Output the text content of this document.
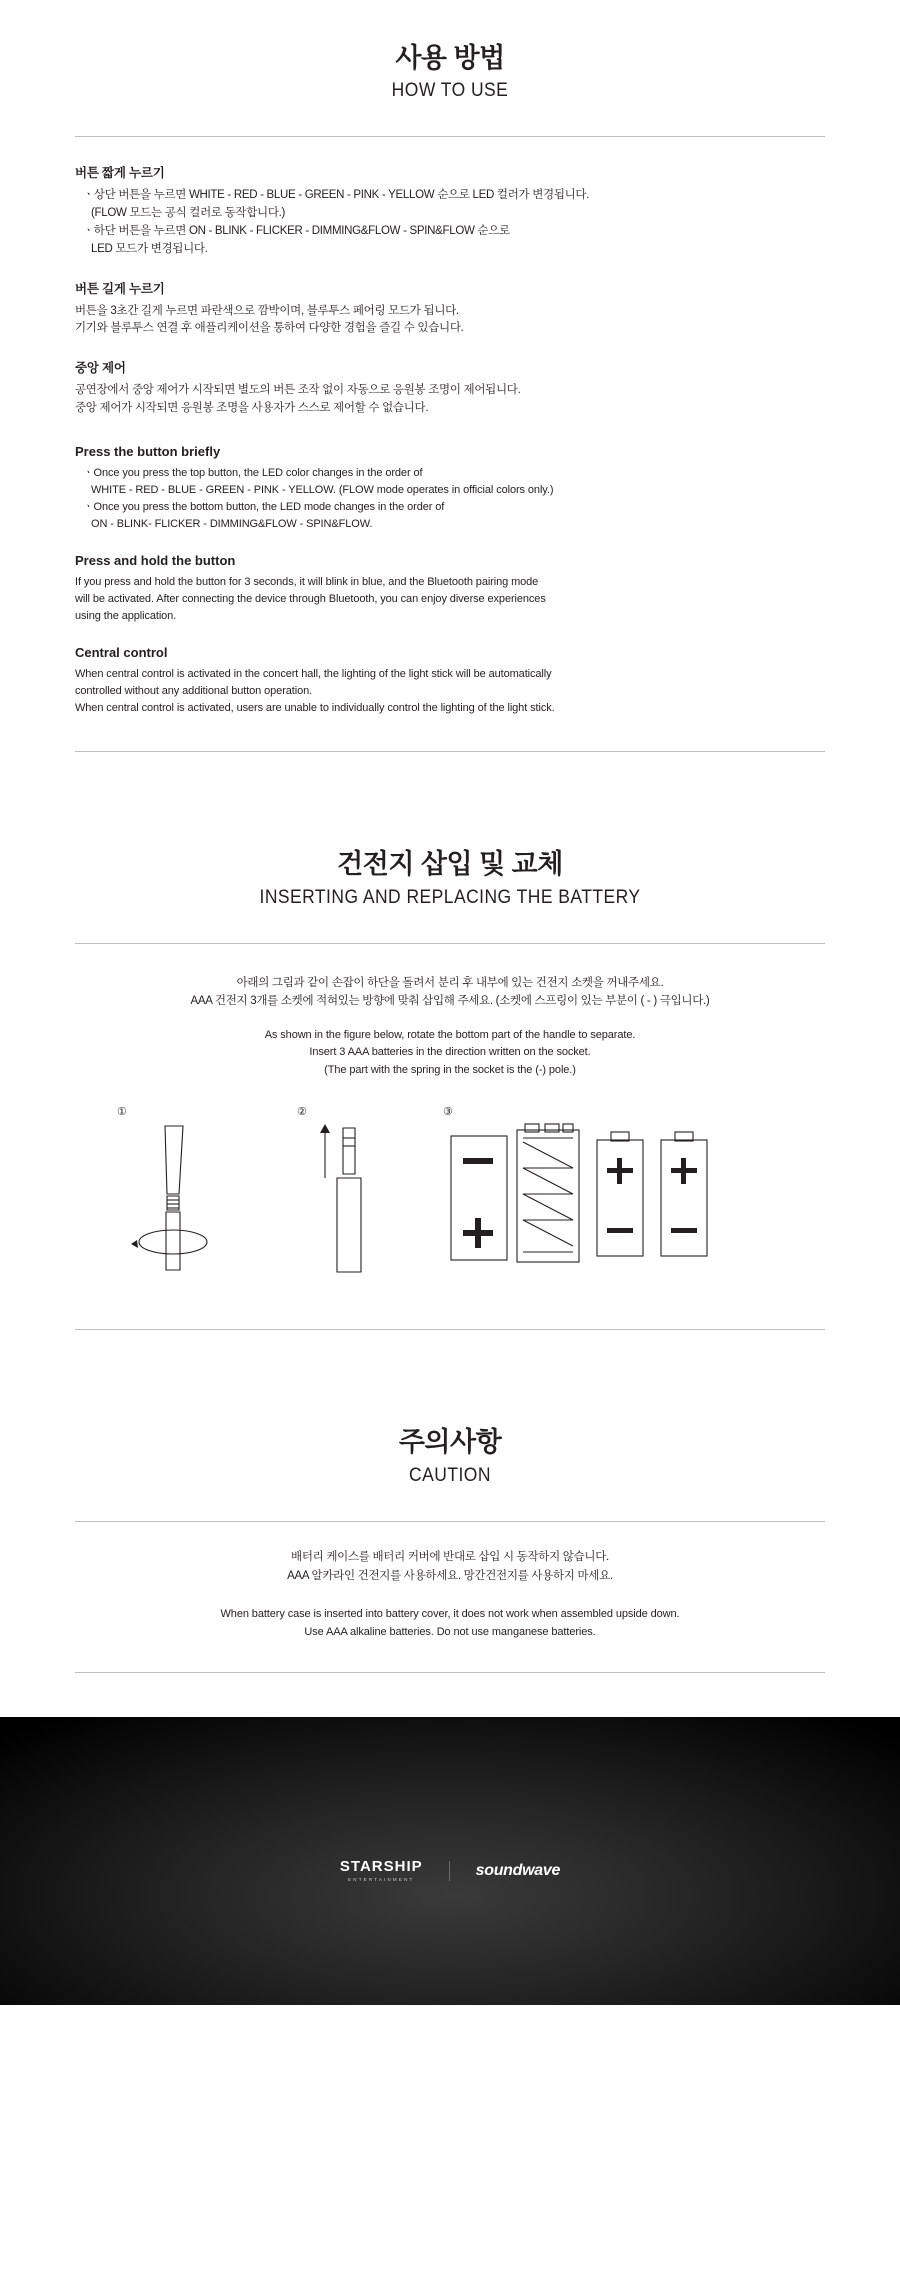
사용 방법
HOW TO USE
버튼 짧게 누르기
ㆍ상단 버튼을 누르면 WHITE - RED - BLUE - GREEN - PINK - YELLOW 순으로 LED 컬러가 변경됩니다.
(FLOW 모드는 공식 컬러로 동작합니다.)
ㆍ하단 버튼을 누르면 ON - BLINK - FLICKER - DIMMING&FLOW - SPIN&FLOW 순으로
LED 모드가 변경됩니다.
버튼 길게 누르기
버튼을 3초간 길게 누르면 파란색으로 깜박이며, 블루투스 페어링 모드가 됩니다.
기기와 블루투스 연결 후 애플리케이션을 통하여 다양한 경험을 즐길 수 있습니다.
중앙 제어
공연장에서 중앙 제어가 시작되면 별도의 버튼 조작 없이 자동으로 응원봉 조명이 제어됩니다.
중앙 제어가 시작되면 응원봉 조명을 사용자가 스스로 제어할 수 없습니다.
Press the button briefly
ㆍOnce you press the top button, the LED color changes in the order of
WHITE - RED - BLUE - GREEN - PINK - YELLOW. (FLOW mode operates in official colors only.)
ㆍOnce you press the bottom button, the LED mode changes in the order of
ON - BLINK- FLICKER - DIMMING&FLOW - SPIN&FLOW.
Press and hold the button
If you press and hold the button for 3 seconds, it will blink in blue, and the Bluetooth pairing mode
will be activated. After connecting the device through Bluetooth, you can enjoy diverse experiences
using the application.
Central control
When central control is activated in the concert hall, the lighting of the light stick will be automatically
controlled without any additional button operation.
When central control is activated, users are unable to individually control the lighting of the light stick.
건전지 삽입 및 교체
INSERTING AND REPLACING THE BATTERY
아래의 그림과 같이 손잡이 하단을 돌려서 분리 후 내부에 있는 건전지 소켓을 꺼내주세요.
AAA 건전지 3개를 소켓에 적혀있는 방향에 맞춰 삽입해 주세요. (소켓에 스프링이 있는 부분이 ( - ) 극입니다.)
As shown in the figure below, rotate the bottom part of the handle to separate.
Insert 3 AAA batteries in the direction written on the socket.
(The part with the spring in the socket is the (-) pole.)
①	②	③
주의사항
CAUTION
배터리 케이스를 배터리 커버에 반대로 삽입 시 동작하지 않습니다.
AAA 알카라인 건전지를 사용하세요. 망간건전지를 사용하지 마세요.
When battery case is inserted into battery cover, it does not work when assembled upside down.
Use AAA alkaline batteries. Do not use manganese batteries.
STARSHIP
ENTERTAINMENT
soundwave
